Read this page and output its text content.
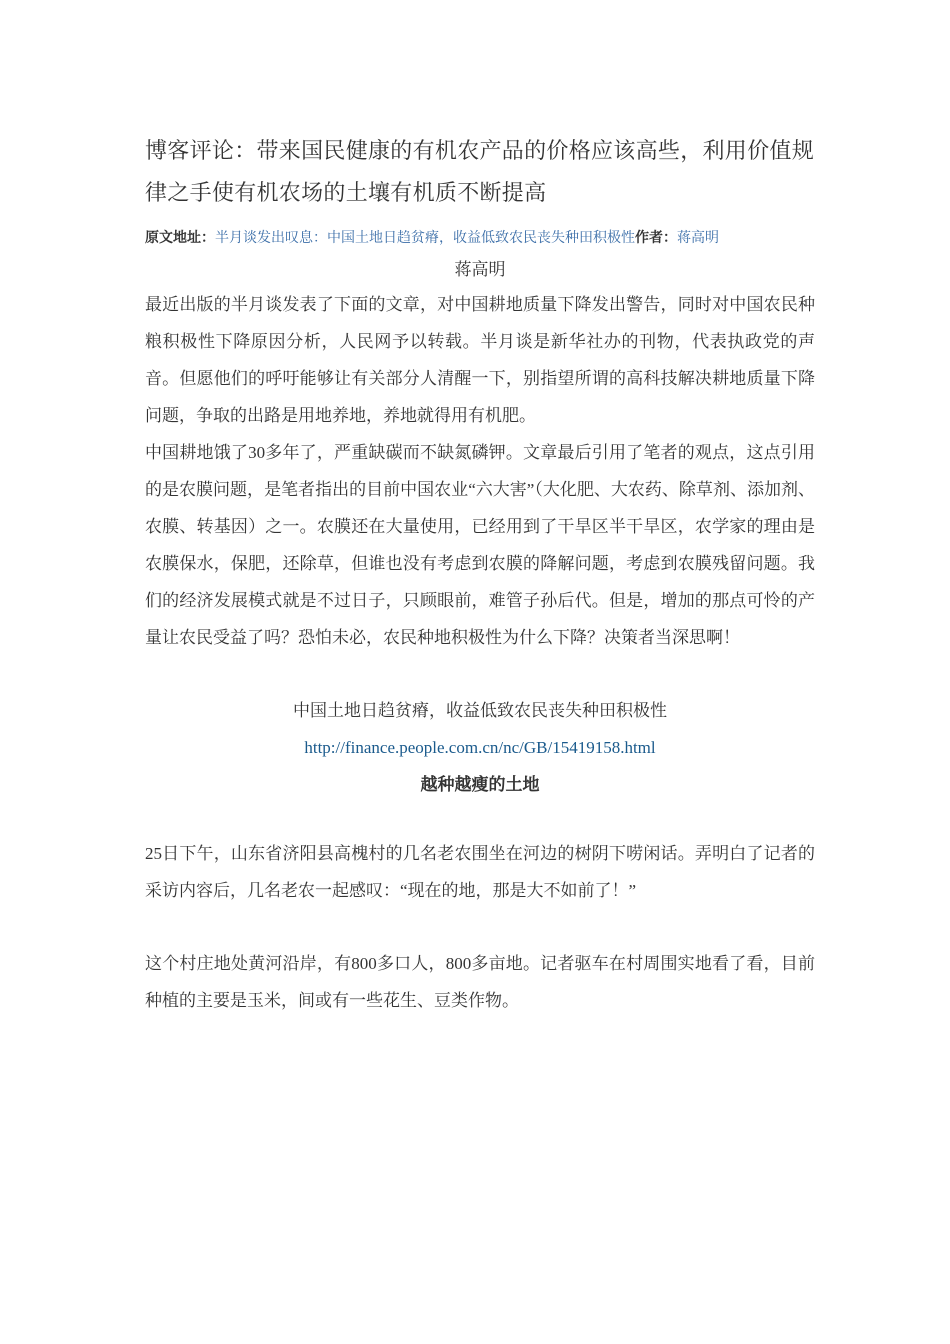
博客评论：带来国民健康的有机农产品的价格应该高些，利用价值规律之手使有机农场的土壤有机质不断提高
原文地址：半月谈发出叹息：中国土地日趋贫瘠，收益低致农民丧失种田积极性作者：蒋高明
蒋高明

最近出版的半月谈发表了下面的文章，对中国耕地质量下降发出警告，同时对中国农民种粮积极性下降原因分析，人民网予以转载。半月谈是新华社办的刊物，代表执政党的声音。但愿他们的呼吁能够让有关部分人清醒一下，别指望所谓的高科技解决耕地质量下降问题，争取的出路是用地养地，养地就得用有机肥。

中国耕地饿了30多年了，严重缺碳而不缺氮磷钾。文章最后引用了笔者的观点，这点引用的是农膜问题，是笔者指出的目前中国农业“六大害”（大化肥、大农药、除草剂、添加剂、农膜、转基因）之一。农膜还在大量使用，已经用到了干旱区半干旱区，农学家的理由是农膜保水，保肥，还除草，但谁也没有考虑到农膜的降解问题，考虑到农膜残留问题。我们的经济发展模式就是不过日子，只顾眼前，难管子孙后代。但是，增加的那点可怜的产量让农民受益了吗？恐怕未必，农民种地积极性为什么下降？决策者当深思啊！

中国土地日趋贫瘠，收益低致农民丧失种田积极性

http://finance.people.com.cn/nc/GB/15419158.html

越种越瘦的土地

25日下午，山东省济阳县高槐村的几名老农围坐在河边的树阴下唠闲话。弄明白了记者的采访内容后，几名老农一起感叹：“现在的地，那是大不如前了！”

这个村庄地处黄河沿岸，有800多口人，800多亩地。记者驱车在村周围实地看了看，目前种植的主要是玉米，间或有一些花生、豆类作物。
